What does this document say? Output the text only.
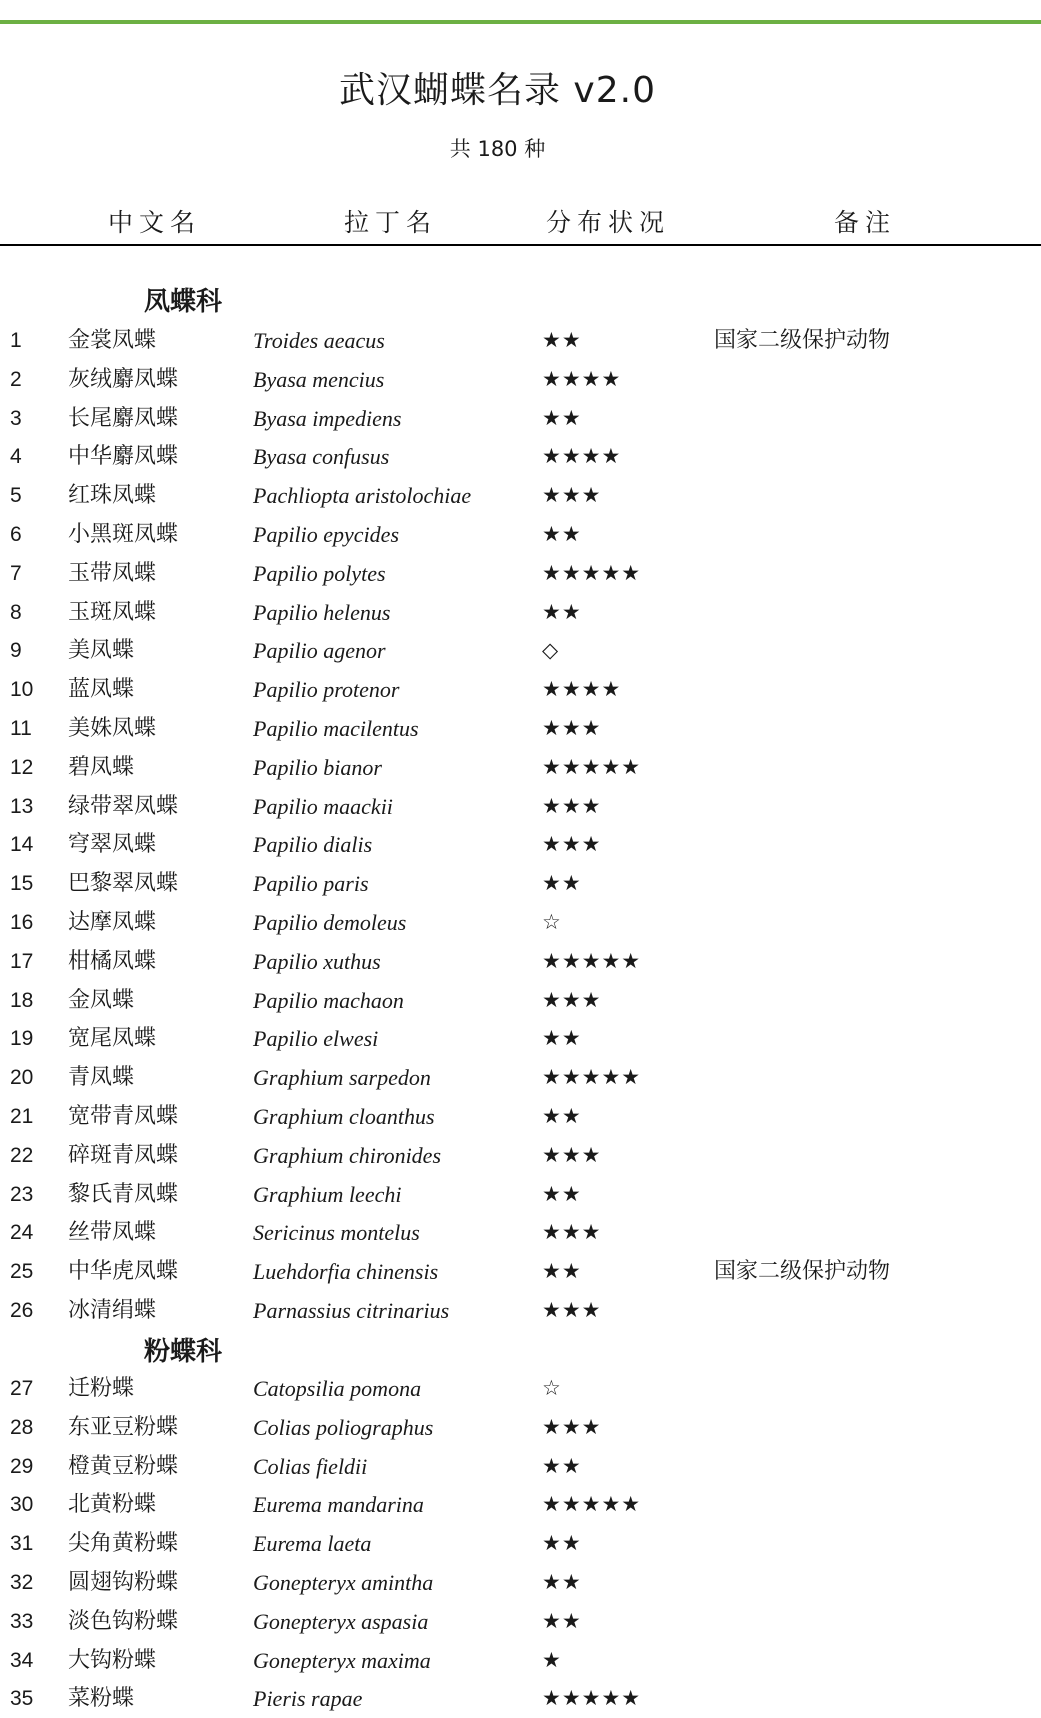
武汉蝴蝶名录 v2.0
共 180 种
中文名	拉丁名	分布状况	备注
凤蝶科
1 金裳凤蝶	Troides aeacus	★★	国家二级保护动物
2 灰绒麝凤蝶	Byasa mencius	★★★★
3 长尾麝凤蝶	Byasa impediens	★★
4 中华麝凤蝶	Byasa confusus	★★★★
5 红珠凤蝶	Pachliopta aristolochiae	★★★
6 小黑斑凤蝶	Papilio epycides	★★
7 玉带凤蝶	Papilio polytes	★★★★★
8 玉斑凤蝶	Papilio helenus	★★
9 美凤蝶	Papilio agenor	◇
10 蓝凤蝶	Papilio protenor	★★★★
11 美姝凤蝶	Papilio macilentus	★★★
12 碧凤蝶	Papilio bianor	★★★★★
13 绿带翠凤蝶	Papilio maackii	★★★
14 穹翠凤蝶	Papilio dialis	★★★
15 巴黎翠凤蝶	Papilio paris	★★
16 达摩凤蝶	Papilio demoleus	☆
17 柑橘凤蝶	Papilio xuthus	★★★★★
18 金凤蝶	Papilio machaon	★★★
19 宽尾凤蝶	Papilio elwesi	★★
20 青凤蝶	Graphium sarpedon	★★★★★
21 宽带青凤蝶	Graphium cloanthus	★★
22 碎斑青凤蝶	Graphium chironides	★★★
23 黎氏青凤蝶	Graphium leechi	★★
24 丝带凤蝶	Sericinus montelus	★★★
25 中华虎凤蝶	Luehdorfia chinensis	★★	国家二级保护动物
26 冰清绢蝶	Parnassius citrinarius	★★★
粉蝶科
27 迁粉蝶	Catopsilia pomona	☆
28 东亚豆粉蝶	Colias poliographus	★★★
29 橙黄豆粉蝶	Colias fieldii	★★
30 北黄粉蝶	Eurema mandarina	★★★★★
31 尖角黄粉蝶	Eurema laeta	★★
32 圆翅钩粉蝶	Gonepteryx amintha	★★
33 淡色钩粉蝶	Gonepteryx aspasia	★★
34 大钩粉蝶	Gonepteryx maxima	★
35 菜粉蝶	Pieris rapae	★★★★★
